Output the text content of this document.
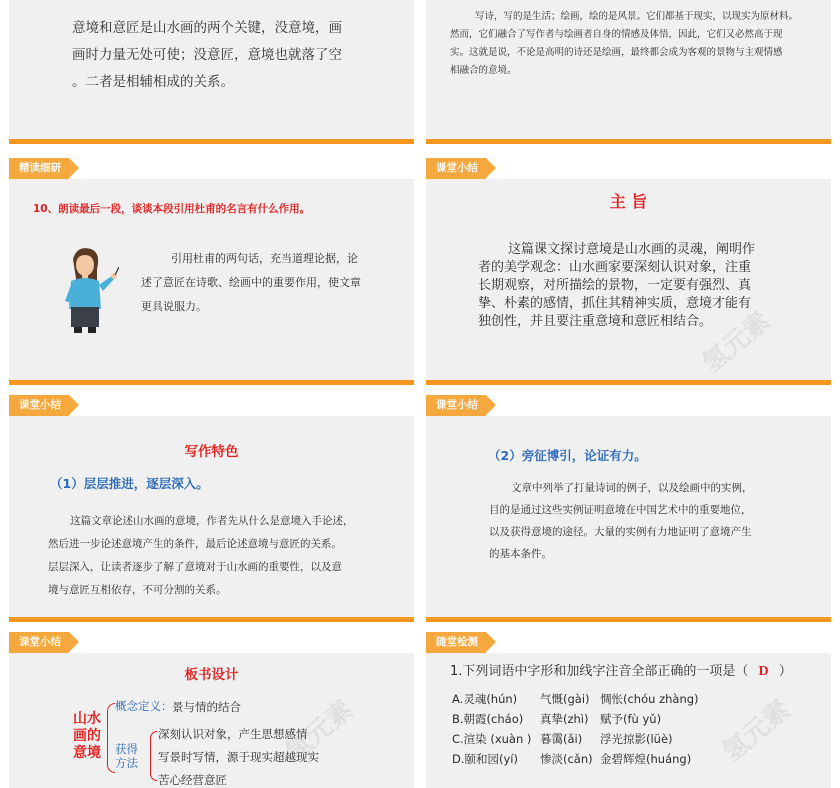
意境和意匠是山水画的两个关键，没意境，画
画时力量无处可使；没意匠，意境也就落了空
。二者是相辅相成的关系。
写诗，写的是生活；绘画，绘的是风景。它们都基于现实，以现实为原材料。
然而，它们融合了写作者与绘画者自身的情感及体悟，因此，它们又必然高于现
实。这就是说，不论是高明的诗还是绘画，最终都会成为客观的景物与主观情感
相融合的意境。
精读细研
10、朗读最后一段，谈谈本段引用杜甫的名言有什么作用。
引用杜甫的两句话，充当道理论据，论
述了意匠在诗歌、绘画中的重要作用，使文章
更具说服力。
课堂小结
主 旨
这篇课文探讨意境是山水画的灵魂，阐明作
者的美学观念：山水画家要深刻认识对象，注重
长期观察，对所描绘的景物，一定要有强烈、真
挚、朴素的感情，抓住其精神实质，意境才能有
独创性，并且要注重意境和意匠相结合。
氢元素
课堂小结
写作特色
（1）层层推进，逐层深入。
这篇文章论述山水画的意境，作者先从什么是意境入手论述，
然后进一步论述意境产生的条件，最后论述意境与意匠的关系。
层层深入，让读者逐步了解了意境对于山水画的重要性，以及意
境与意匠互相依存，不可分割的关系。
课堂小结
（2）旁征博引，论证有力。
文章中列举了打量诗词的例子，以及绘画中的实例，
目的是通过这些实例证明意境在中国艺术中的重要地位，
以及获得意境的途径。大量的实例有力地证明了意境产生
的基本条件。
课堂小结
板书设计
山水
画的
意境
概念定义： 景与情的结合
获得
方法
深刻认识对象，产生思想感情
写景时写情，源于现实超越现实
苦心经营意匠
氢元素
随堂检测
1.下列词语中字形和加线字注音全部正确的一项是（ D ）
A.灵魂(hún) 气慨(gài) 惆怅(chóu zhàng)
B.朝霞(cháo) 真挚(zhì) 赋予(fù yǔ)
C.渲染 (xuàn ) 暮霭(ǎi) 浮光掠影(lüè)
D.颐和园(yí) 惨淡(cǎn) 金碧辉煌(huáng) 氢元素
